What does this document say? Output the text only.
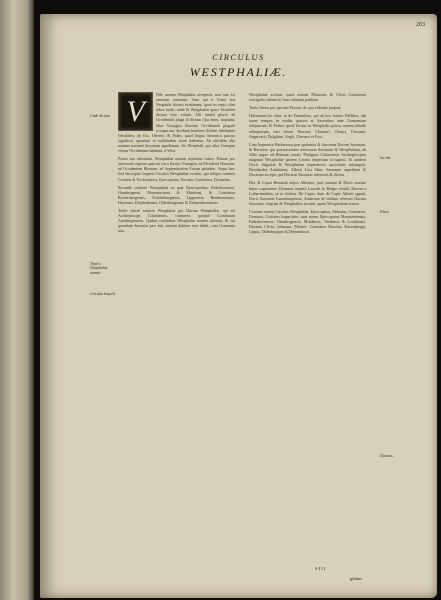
203
CIRCULUS
WESTPHALIÆ.
V

Nde nomen Westphalia acceperit, non una est omnium sententia. Sunt qui à Vestis seu Vesphalis dictam existimant, quod ea regio olim rubra fuerit; unde & Westphalen quasi Vestfalen dictam esse volunt. Alii tamen placet ab Occidentali plaga id dictum. Qui enim, inquiunt, ultra Visurgim fluvium Occidentali plagam occuparunt, dicebant homines ibidem habitantes Westfalen, ab Ost, Oriente, & Falen, quod lingua Saxonica pascua significat, quoniam in multitudine terræ habentur. Ab aliisdem alio nomine maximè Saxonum appellatum. Sic Westphali, qui ultra Visurgim versus Occidentem habitant, à West.

Primò suo intendam, Westphaliæ nomen triplicem fuisse. Primae pro universali regione quæ est circa fluvios Visurgim, ad Meridiem Hassiam, ad Occidentem Rhenum, ad Septentrionem Frisiae paludem. Atque hæc ferè descriptio Imperii Circulus Westphaliæ vocatur, qui reliqua continet Comites & Ecclesiastica, Episcopatus, Ducatus, Comitatus, Dynastias.

Secundò continet Westphaliæ ea quæ Episcopatibus Paderbornensi, Osnabrugensi, Monasteriensi & Mindensi, & Comitatus Ravensbergensis, Tecklenburgensis, Lippiensis, Benthemiensis, Hoyensis, Diepholtensis, Oldenburgensis & Delmenhorstensis.

Tertiò strictè sumitur Westphalia pro Ducatu Westphaliæ, qui est Archiepiscopi Coloniensis, continens quoque Comitatum Arnsbergensem. Quibus rationibus Westphalia nomen obtinuit, & cur quondam Saxoniæ pars fuit, nemini dubium esse debet, cum Germania tota.

Westphaliæ acolunt, quod nomen Monteriis & Clivis Coloniensi vectigalia, habent hi fines tabulam præbere.

Tertio Sensu pro speciali Ducatu, de quo videndo propria.

Habitarunt hic olim, ut de Teutonibus, qui ab hoc fortiter Bellibus, ubi suum tempus in multis quietos et Saxonibus ante Germaniam reliquerunt. Et Postea, quod Tacitus in Westphalia potius, nomen deinde relinquerunt, tum dicunt Bructeri, Chamavi, Chauci, Chasuari, Angrivarii, Dulgibini, Angli, Cherusci et Fosi.

Cum Imperator Barbarossa præ opulentia & Saxoniae Ducem Saxoniae, & Bavariae, qui possessionem universam Saxonum & Westphaliam, ab Alba usque ad Rhenum tenuit, Philippus Coloniensis Archiepiscopus magnam Westphaliæ partem Leonis imperium occupavit, & tandem Ducis Angariae & Westphaliae imperatorio auctoritate adsumpsit. Bernhardus Anhaltinus, Alberti Ursi filius, Saxonum appellatus & Ducatum accepit, qui Ducatus Saxoniae inferioris & dicitur.

Hoc & Caput Bernardi nepos Albertus, post summa & Ducis mortuo hujus cognomine, Dynastæ, impetit Lauenb. in Belgio rettulit. Ducem a Lothariensibus, ut in finibus. Ibi Caput, dum de Capte Alberti agnati, Ducis Saxoniae Lauenburgensis, Anderona de titulum veterum Ducum Saxoniae, Angriae & Westphaliae servant, quem Westphaliam tenent.

Continet autem Circulus Westphaliæ, Episcopatus, Abbatias, Comitatus, Dominia, Civitates Imperiales: sunt autem Episcopatus Monasteriensis, Paderbornensis, Osnabrugensis, Mindensis, Verdensis & Leodiensis: Ducatus Clivia, Juliacum, Montes: Comitatus Marchia, Ravensberga, Lippia, Oldenburgum & Delmenhorst.

Unde dictum.
Triplex Westphaliæ nomen.
Circulus Imperii.
Incolæ.
Fines.
Ducatus.
S I I I
gibbus
